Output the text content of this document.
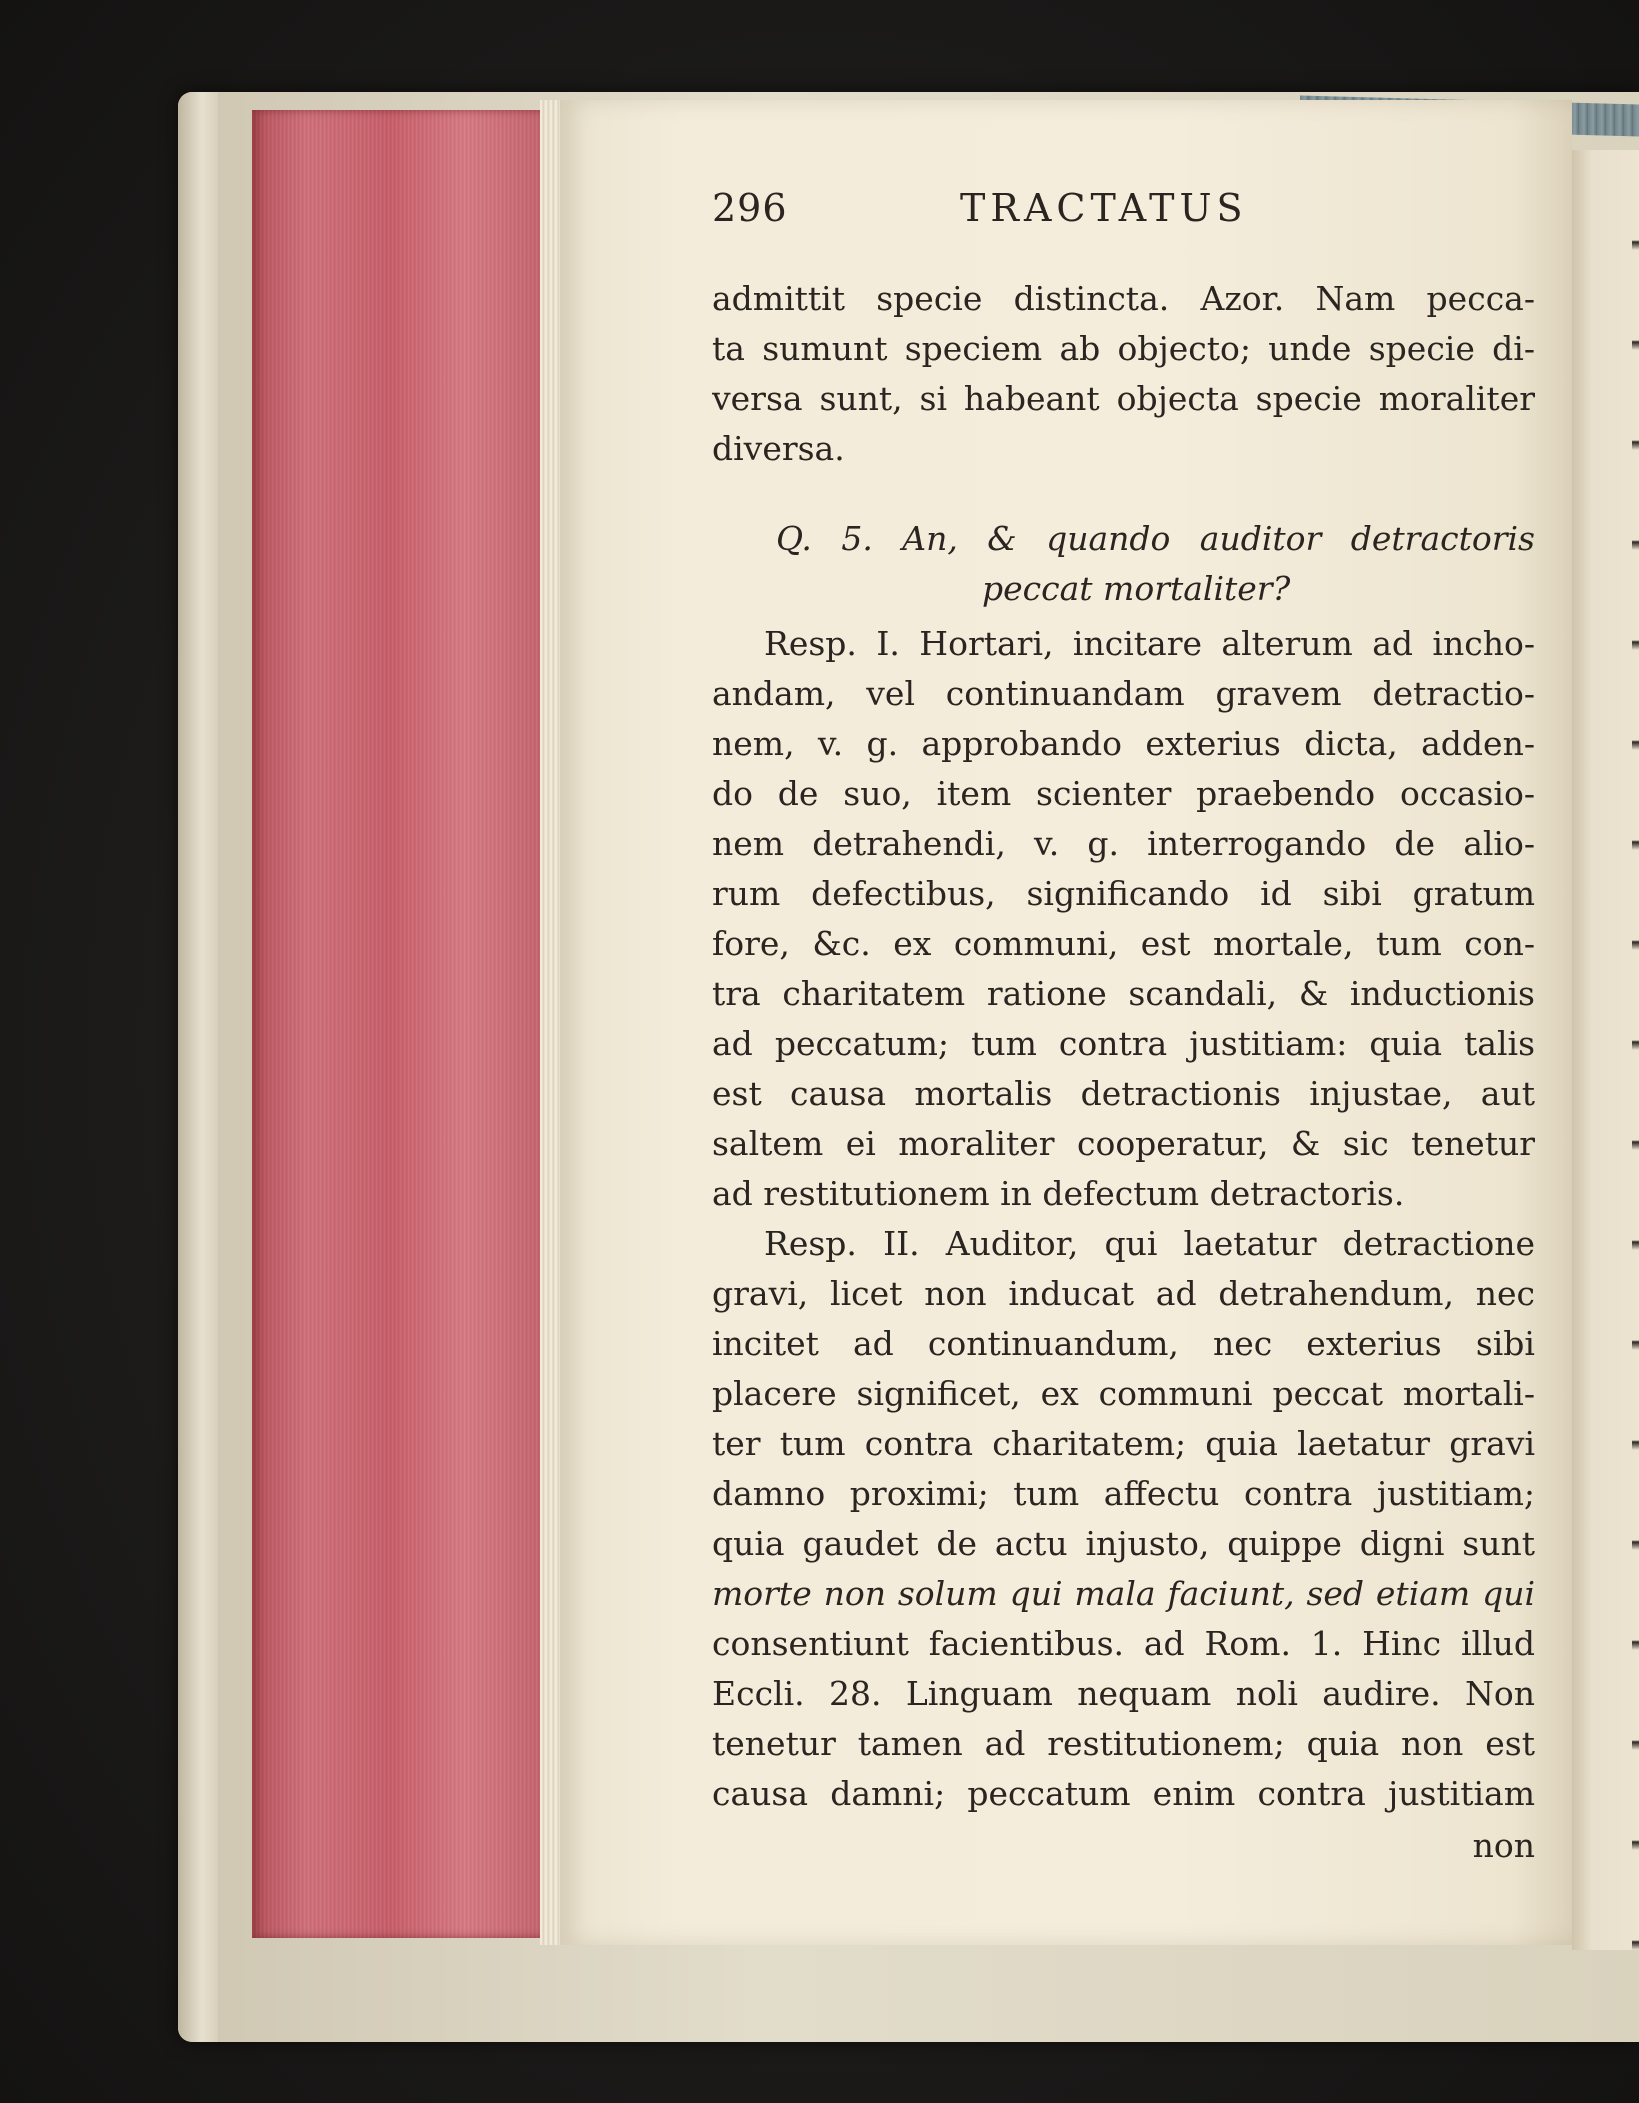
296	TRACTATUS
admittit specie distincta. Azor. Nam pecca-
ta sumunt speciem ab objecto; unde specie di-
versa sunt, si habeant objecta specie moraliter
diversa.
Q. 5. An, & quando auditor detractoris
peccat mortaliter?
Resp. I. Hortari, incitare alterum ad incho-
andam, vel continuandam gravem detractio-
nem, v. g. approbando exterius dicta, adden-
do de suo, item scienter praebendo occasio-
nem detrahendi, v. g. interrogando de alio-
rum defectibus, significando id sibi gratum
fore, &c. ex communi, est mortale, tum con-
tra charitatem ratione scandali, & inductionis
ad peccatum; tum contra justitiam: quia talis
est causa mortalis detractionis injustae, aut
saltem ei moraliter cooperatur, & sic tenetur
ad restitutionem in defectum detractoris.
Resp. II. Auditor, qui laetatur detractione
gravi, licet non inducat ad detrahendum, nec
incitet ad continuandum, nec exterius sibi
placere significet, ex communi peccat mortali-
ter tum contra charitatem; quia laetatur gravi
damno proximi; tum affectu contra justitiam;
quia gaudet de actu injusto, quippe digni sunt
morte non solum qui mala faciunt, sed etiam qui
consentiunt facientibus. ad Rom. 1. Hinc illud
Eccli. 28. Linguam nequam noli audire. Non
tenetur tamen ad restitutionem; quia non est
causa damni; peccatum enim contra justitiam
non
